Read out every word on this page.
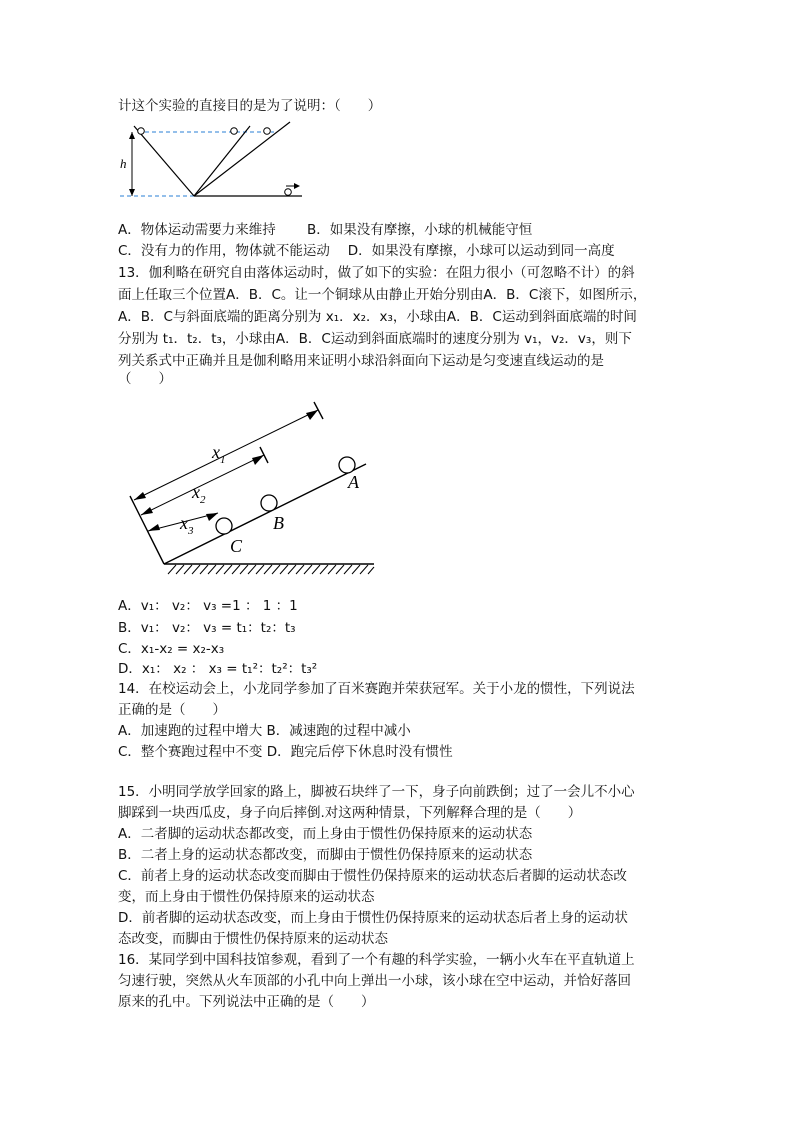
计这个实验的直接目的是为了说明：（　　）
h
A．物体运动需要力来维持　 　 B．如果没有摩擦，小球的机械能守恒
C．没有力的作用，物体就不能运动　 D．如果没有摩擦，小球可以运动到同一高度
13．伽利略在研究自由落体运动时，做了如下的实验：在阻力很小（可忽略不计）的斜
面上任取三个位置A．B．C。让一个铜球从由静止开始分别由A．B．C滚下，如图所示，
A．B．C与斜面底端的距离分别为 x₁．x₂．x₃，小球由A．B．C运动到斜面底端的时间
分别为 t₁．t₂．t₃，小球由A．B．C运动到斜面底端时的速度分别为 v₁，v₂．v₃，则下
列关系式中正确并且是伽利略用来证明小球沿斜面向下运动是匀变速直线运动的是
（　　）
$x_1$
$x_2$
$x_3$
A
B
C
A．v₁： v₂： v₃ =1 ： 1 ：1
B．v₁： v₂： v₃ = t₁：t₂：t₃
C．x₁-x₂ = x₂-x₃
D．x₁： x₂ ： x₃ = t₁²：t₂²：t₃²
14．在校运动会上，小龙同学参加了百米赛跑并荣获冠军。关于小龙的惯性，下列说法
正确的是（　　）
A．加速跑的过程中增大 B．减速跑的过程中减小
C．整个赛跑过程中不变 D．跑完后停下休息时没有惯性
15．小明同学放学回家的路上，脚被石块绊了一下，身子向前跌倒；过了一会儿不小心
脚踩到一块西瓜皮，身子向后摔倒.对这两种情景，下列解释合理的是（　　）
A．二者脚的运动状态都改变，而上身由于惯性仍保持原来的运动状态
B．二者上身的运动状态都改变，而脚由于惯性仍保持原来的运动状态
C．前者上身的运动状态改变而脚由于惯性仍保持原来的运动状态后者脚的运动状态改
变，而上身由于惯性仍保持原来的运动状态
D．前者脚的运动状态改变，而上身由于惯性仍保持原来的运动状态后者上身的运动状
态改变，而脚由于惯性仍保持原来的运动状态
16．某同学到中国科技馆参观，看到了一个有趣的科学实验，一辆小火车在平直轨道上
匀速行驶，突然从火车顶部的小孔中向上弹出一小球，该小球在空中运动，并恰好落回
原来的孔中。下列说法中正确的是（　　）
